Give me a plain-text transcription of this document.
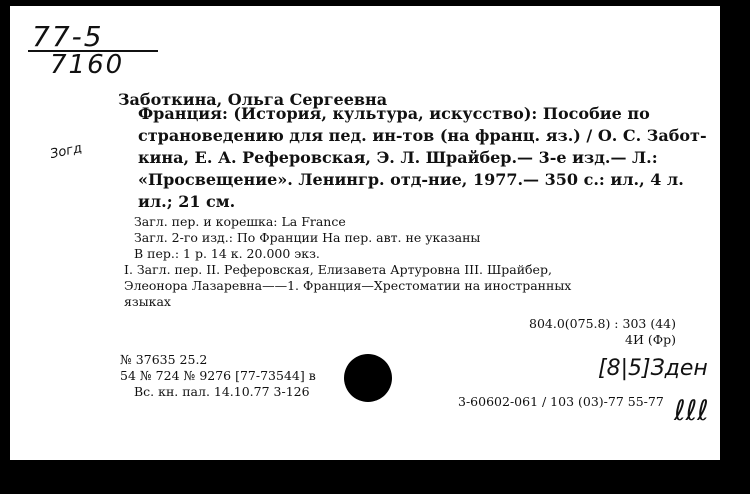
77-5
7160
Зогд
Заботкина, Ольга Сергеевна
Франция: (История, культура, искусство): Пособие по
страноведению для пед. ин-тов (на франц. яз.) / О. С. Забот-
кина, Е. А. Реферовская, Э. Л. Шрайбер.— 3-е изд.— Л.:
«Просвещение». Ленингр. отд-ние, 1977.— 350 с.: ил., 4 л.
ил.; 21 см.
Загл. пер. и корешка: La France
Загл. 2-го изд.: По Франции На пер. авт. не указаны
В пер.: 1 р. 14 к. 20.000 экз.
I. Загл. пер. II. Реферовская, Елизавета Артуровна III. Шрайбер,
Элеонора Лазаревна——1. Франция—Хрестоматии на иностранных
языках
804.0(075.8) : 303 (44)
4И (Фр)
№ 37635 25.2
54 № 724 № 9276 [77-73544] в
Вс. кн. пал. 14.10.77 3-126
[8|5]Зден
3-60602-061 / 103 (03)-77 55-77 ℓℓℓ
